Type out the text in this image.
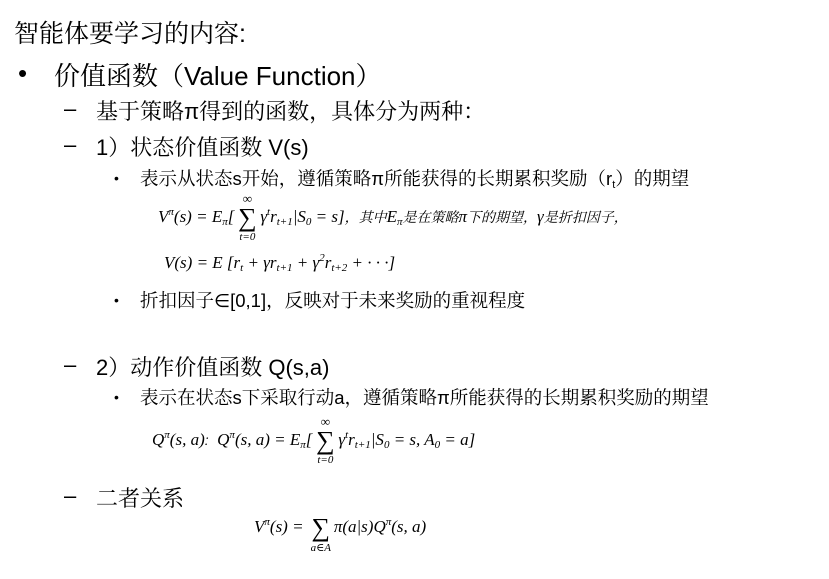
智能体要学习的内容:
• 价值函数（Value Function）
– 基于策略π得到的函数，具体分为两种：
– 1）状态价值函数 V(s)
• 表示从状态s开始，遵循策略π所能获得的长期累积奖励$(r_t)$的期望
$V^\pi(s) = E_\pi$[
∞
∑
t=0
$\gamma^tr_{t+1}|S_0 = s$]，其中$E_\pi$是在策略π下的期望，γ是折扣因子，
V(s) = E [$r_t + \gamma r_{t+1} + \gamma^2r_{t+2}$ + · · ·]
• 折扣因子∈[0,1]，反映对于未来奖励的重视程度
– 2）动作价值函数 Q(s,a)
• 表示在状态s下采取行动a，遵循策略π所能获得的长期累积奖励的期望
$Q^\pi(s$, a): $Q^\pi(s$, $a) = E_\pi$[
∞
∑
t=0
$\gamma^tr_{t+1}|S_0 = s$, $A_0 = a$]
– 二者关系
$V^\pi(s)$ = ∑
a∈A
$\pi(a|s)Q^\pi(s$, a)
